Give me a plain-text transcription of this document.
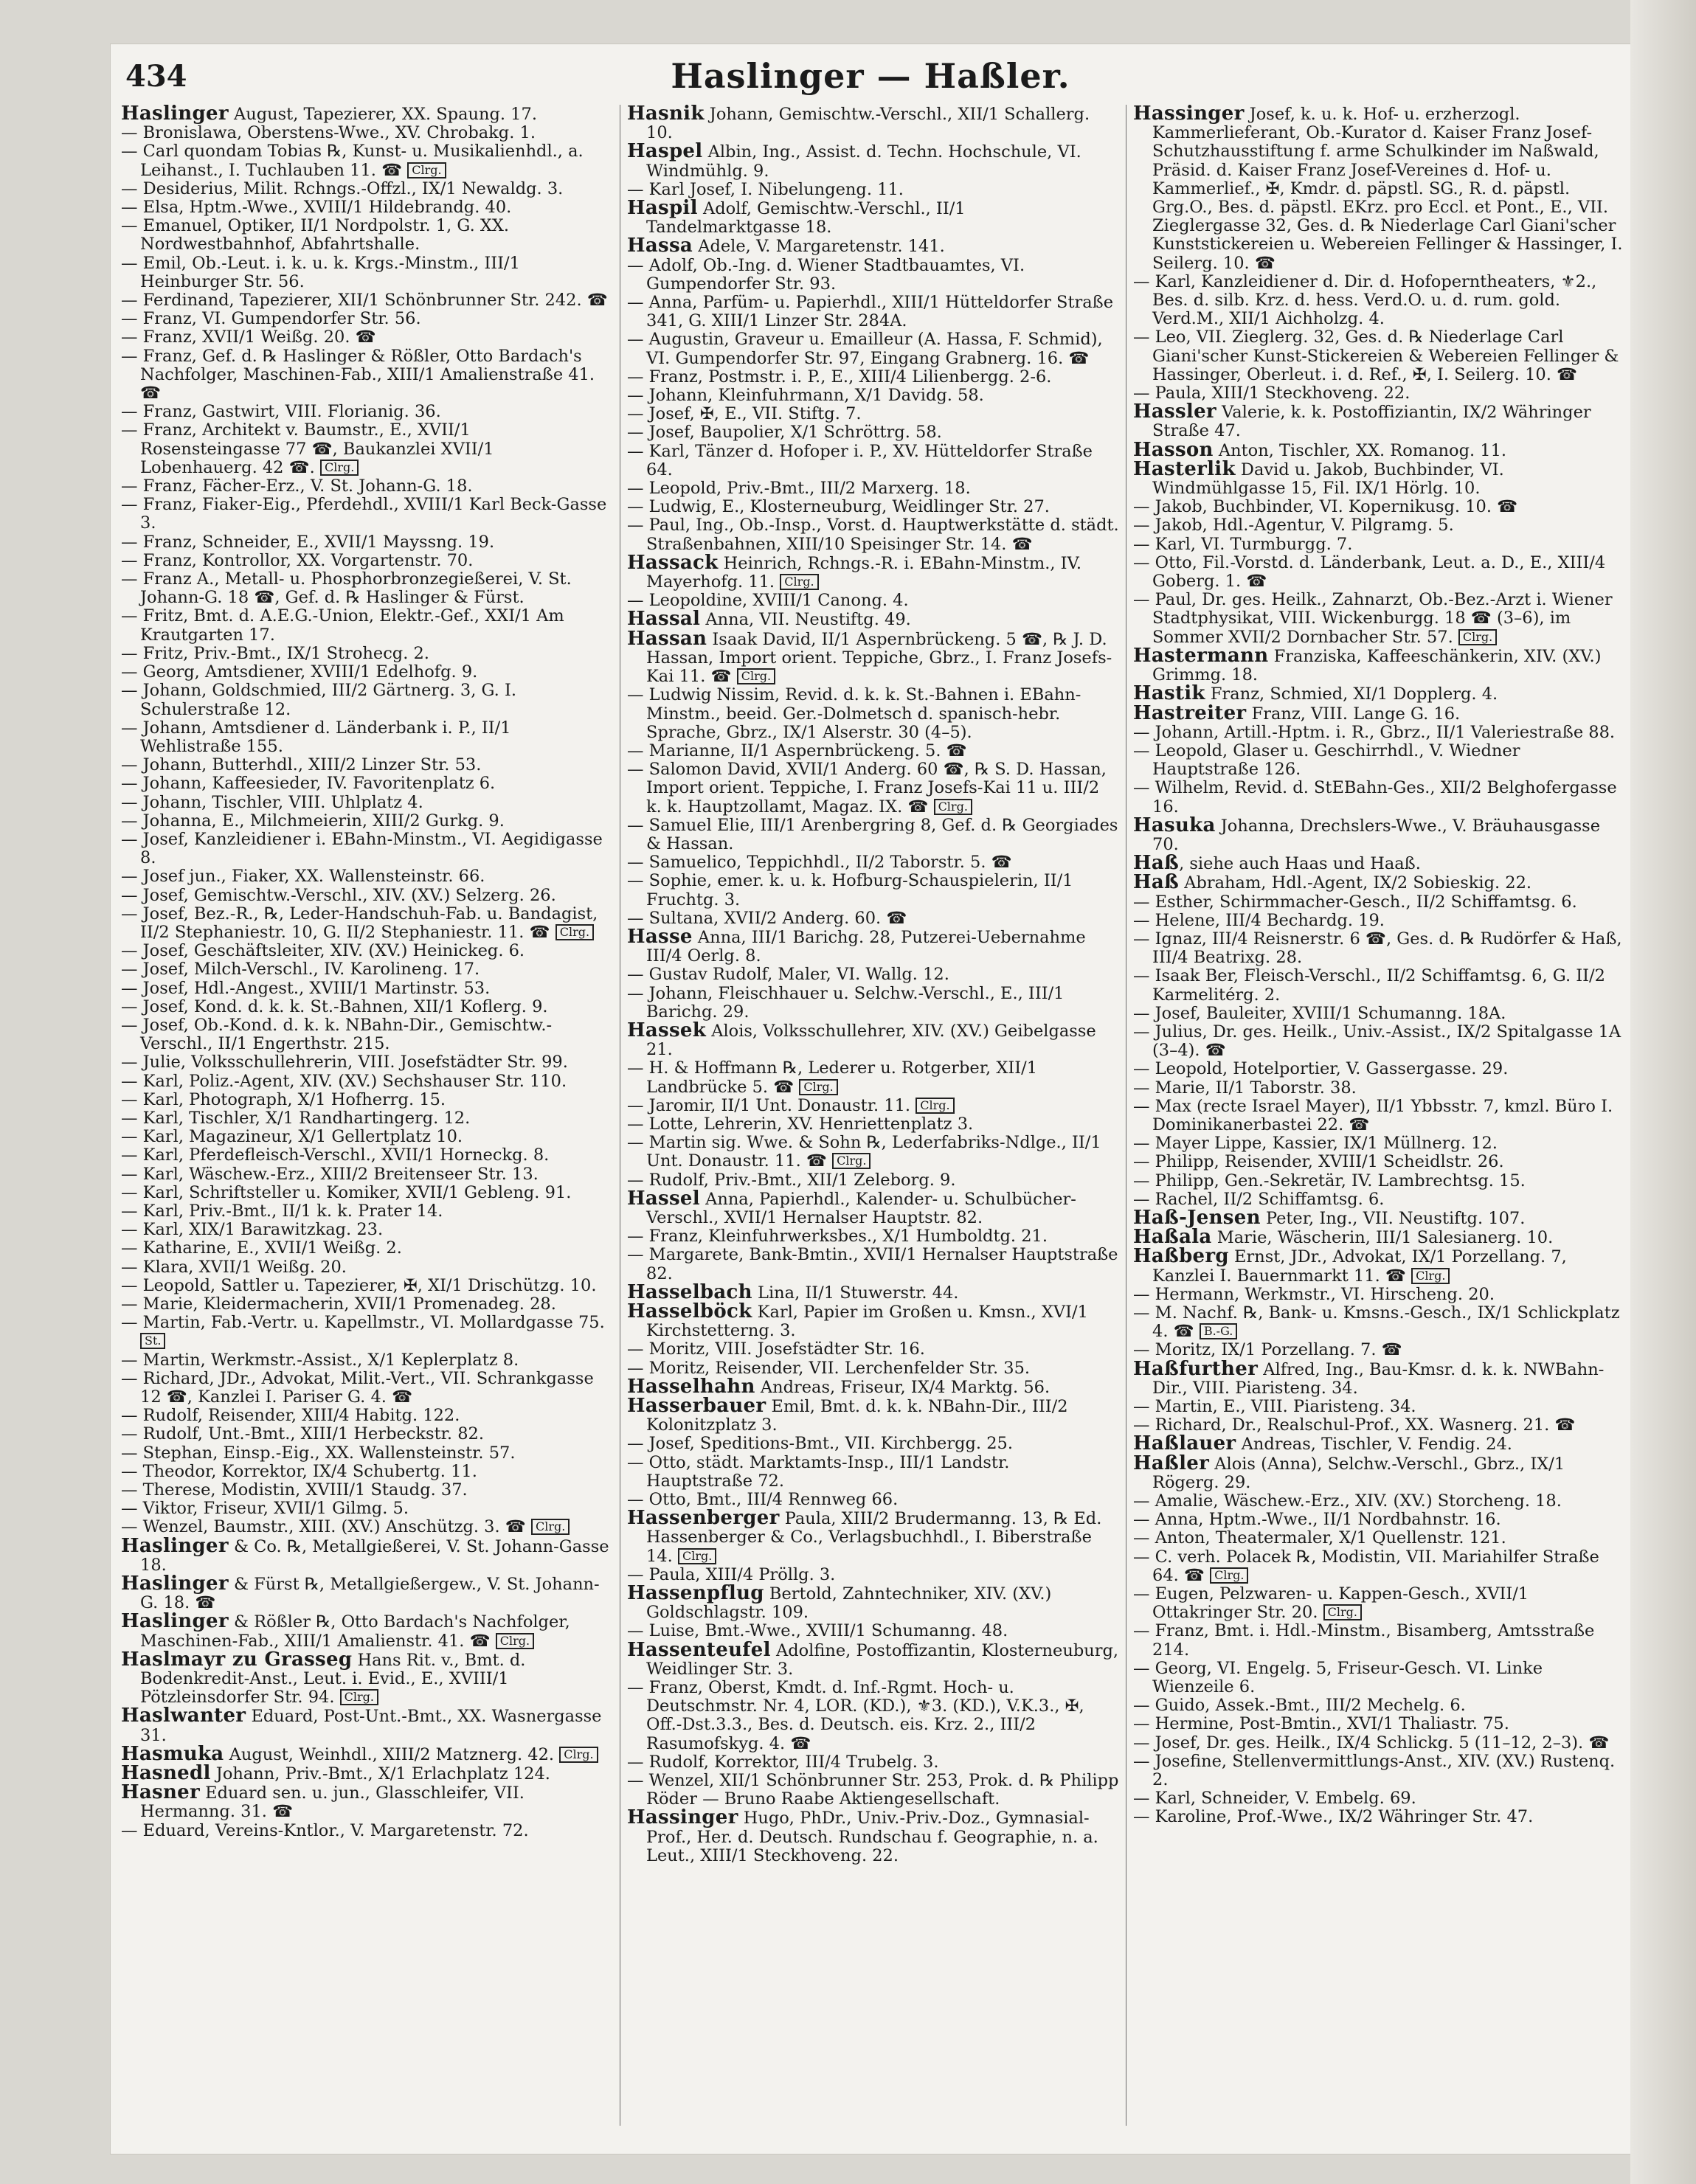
434	Haslinger — Haßler.

Haslinger August, Tapezierer, XX. Spaung. 17.

— Bronislawa, Oberstens-Wwe., XV. Chrobakg. 1.

— Carl quondam Tobias ℞, Kunst- u. Musikalienhdl., a. Leihanst., I. Tuchlauben 11. ☎ Clrg.

— Desiderius, Milit. Rchngs.-Offzl., IX/1 Newaldg. 3.

— Elsa, Hptm.-Wwe., XVIII/1 Hildebrandg. 40.

— Emanuel, Optiker, II/1 Nordpolstr. 1, G. XX. Nordwestbahnhof, Abfahrtshalle.

— Emil, Ob.-Leut. i. k. u. k. Krgs.-Minstm., III/1 Heinburger Str. 56.

— Ferdinand, Tapezierer, XII/1 Schönbrunner Str. 242. ☎

— Franz, VI. Gumpendorfer Str. 56.

— Franz, XVII/1 Weißg. 20. ☎

— Franz, Gef. d. ℞ Haslinger & Rößler, Otto Bardach's Nachfolger, Maschinen-Fab., XIII/1 Amalienstraße 41. ☎

— Franz, Gastwirt, VIII. Florianig. 36.

— Franz, Architekt v. Baumstr., E., XVII/1 Rosensteingasse 77 ☎, Baukanzlei XVII/1 Lobenhauerg. 42 ☎. Clrg.

— Franz, Fächer-Erz., V. St. Johann-G. 18.

— Franz, Fiaker-Eig., Pferdehdl., XVIII/1 Karl Beck-Gasse 3.

— Franz, Schneider, E., XVII/1 Mayssng. 19.

— Franz, Kontrollor, XX. Vorgartenstr. 70.

— Franz A., Metall- u. Phosphorbronzegießerei, V. St. Johann-G. 18 ☎, Gef. d. ℞ Haslinger & Fürst.

— Fritz, Bmt. d. A.E.G.-Union, Elektr.-Gef., XXI/1 Am Krautgarten 17.

— Fritz, Priv.-Bmt., IX/1 Strohecg. 2.

— Georg, Amtsdiener, XVIII/1 Edelhofg. 9.

— Johann, Goldschmied, III/2 Gärtnerg. 3, G. I. Schulerstraße 12.

— Johann, Amtsdiener d. Länderbank i. P., II/1 Wehlistraße 155.

— Johann, Butterhdl., XIII/2 Linzer Str. 53.

— Johann, Kaffeesieder, IV. Favoritenplatz 6.

— Johann, Tischler, VIII. Uhlplatz 4.

— Johanna, E., Milchmeierin, XIII/2 Gurkg. 9.

— Josef, Kanzleidiener i. EBahn-Minstm., VI. Aegidigasse 8.

— Josef jun., Fiaker, XX. Wallensteinstr. 66.

— Josef, Gemischtw.-Verschl., XIV. (XV.) Selzerg. 26.

— Josef, Bez.-R., ℞, Leder-Handschuh-Fab. u. Bandagist, II/2 Stephaniestr. 10, G. II/2 Stephaniestr. 11. ☎ Clrg.

— Josef, Geschäftsleiter, XIV. (XV.) Heinickeg. 6.

— Josef, Milch-Verschl., IV. Karolineng. 17.

— Josef, Hdl.-Angest., XVIII/1 Martinstr. 53.

— Josef, Kond. d. k. k. St.-Bahnen, XII/1 Koflerg. 9.

— Josef, Ob.-Kond. d. k. k. NBahn-Dir., Gemischtw.-Verschl., II/1 Engerthstr. 215.

— Julie, Volksschullehrerin, VIII. Josefstädter Str. 99.

— Karl, Poliz.-Agent, XIV. (XV.) Sechshauser Str. 110.

— Karl, Photograph, X/1 Hofherrg. 15.

— Karl, Tischler, X/1 Randhartingerg. 12.

— Karl, Magazineur, X/1 Gellertplatz 10.

— Karl, Pferdefleisch-Verschl., XVII/1 Horneckg. 8.

— Karl, Wäschew.-Erz., XIII/2 Breitenseer Str. 13.

— Karl, Schriftsteller u. Komiker, XVII/1 Gebleng. 91.

— Karl, Priv.-Bmt., II/1 k. k. Prater 14.

— Karl, XIX/1 Barawitzkag. 23.

— Katharine, E., XVII/1 Weißg. 2.

— Klara, XVII/1 Weißg. 20.

— Leopold, Sattler u. Tapezierer, ✠, XI/1 Drischützg. 10.

— Marie, Kleidermacherin, XVII/1 Promenadeg. 28.

— Martin, Fab.-Vertr. u. Kapellmstr., VI. Mollardgasse 75. St.

— Martin, Werkmstr.-Assist., X/1 Keplerplatz 8.

— Richard, JDr., Advokat, Milit.-Vert., VII. Schrankgasse 12 ☎, Kanzlei I. Pariser G. 4. ☎

— Rudolf, Reisender, XIII/4 Habitg. 122.

— Rudolf, Unt.-Bmt., XIII/1 Herbeckstr. 82.

— Stephan, Einsp.-Eig., XX. Wallensteinstr. 57.

— Theodor, Korrektor, IX/4 Schubertg. 11.

— Therese, Modistin, XVIII/1 Staudg. 37.

— Viktor, Friseur, XVII/1 Gilmg. 5.

— Wenzel, Baumstr., XIII. (XV.) Anschützg. 3. ☎ Clrg.

Haslinger & Co. ℞, Metallgießerei, V. St. Johann-Gasse 18.

Haslinger & Fürst ℞, Metallgießergew., V. St. Johann-G. 18. ☎

Haslinger & Rößler ℞, Otto Bardach's Nachfolger, Maschinen-Fab., XIII/1 Amalienstr. 41. ☎ Clrg.

Haslmayr zu Grasseg Hans Rit. v., Bmt. d. Bodenkredit-Anst., Leut. i. Evid., E., XVIII/1 Pötzleinsdorfer Str. 94. Clrg.

Haslwanter Eduard, Post-Unt.-Bmt., XX. Wasnergasse 31.

Hasmuka August, Weinhdl., XIII/2 Matznerg. 42. Clrg.

Hasnedl Johann, Priv.-Bmt., X/1 Erlachplatz 124.

Hasner Eduard sen. u. jun., Glasschleifer, VII. Hermanng. 31. ☎

— Eduard, Vereins-Kntlor., V. Margaretenstr. 72.

Hasnik Johann, Gemischtw.-Verschl., XII/1 Schallerg. 10.

Haspel Albin, Ing., Assist. d. Techn. Hochschule, VI. Windmühlg. 9.

— Karl Josef, I. Nibelungeng. 11.

Haspil Adolf, Gemischtw.-Verschl., II/1 Tandelmarktgasse 18.

Hassa Adele, V. Margaretenstr. 141.

— Adolf, Ob.-Ing. d. Wiener Stadtbauamtes, VI. Gumpendorfer Str. 93.

— Anna, Parfüm- u. Papierhdl., XIII/1 Hütteldorfer Straße 341, G. XIII/1 Linzer Str. 284A.

— Augustin, Graveur u. Emailleur (A. Hassa, F. Schmid), VI. Gumpendorfer Str. 97, Eingang Grabnerg. 16. ☎

— Franz, Postmstr. i. P., E., XIII/4 Lilienbergg. 2-6.

— Johann, Kleinfuhrmann, X/1 Davidg. 58.

— Josef, ✠, E., VII. Stiftg. 7.

— Josef, Baupolier, X/1 Schröttrg. 58.

— Karl, Tänzer d. Hofoper i. P., XV. Hütteldorfer Straße 64.

— Leopold, Priv.-Bmt., III/2 Marxerg. 18.

— Ludwig, E., Klosterneuburg, Weidlinger Str. 27.

— Paul, Ing., Ob.-Insp., Vorst. d. Hauptwerkstätte d. städt. Straßenbahnen, XIII/10 Speisinger Str. 14. ☎

Hassack Heinrich, Rchngs.-R. i. EBahn-Minstm., IV. Mayerhofg. 11. Clrg.

— Leopoldine, XVIII/1 Canong. 4.

Hassal Anna, VII. Neustiftg. 49.

Hassan Isaak David, II/1 Aspernbrückeng. 5 ☎, ℞ J. D. Hassan, Import orient. Teppiche, Gbrz., I. Franz Josefs-Kai 11. ☎ Clrg.

— Ludwig Nissim, Revid. d. k. k. St.-Bahnen i. EBahn-Minstm., beeid. Ger.-Dolmetsch d. spanisch-hebr. Sprache, Gbrz., IX/1 Alserstr. 30 (4–5).

— Marianne, II/1 Aspernbrückeng. 5. ☎

— Salomon David, XVII/1 Anderg. 60 ☎, ℞ S. D. Hassan, Import orient. Teppiche, I. Franz Josefs-Kai 11 u. III/2 k. k. Hauptzollamt, Magaz. IX. ☎ Clrg.

— Samuel Elie, III/1 Arenbergring 8, Gef. d. ℞ Georgiades & Hassan.

— Samuelico, Teppichhdl., II/2 Taborstr. 5. ☎

— Sophie, emer. k. u. k. Hofburg-Schauspielerin, II/1 Fruchtg. 3.

— Sultana, XVII/2 Anderg. 60. ☎

Hasse Anna, III/1 Barichg. 28, Putzerei-Uebernahme III/4 Oerlg. 8.

— Gustav Rudolf, Maler, VI. Wallg. 12.

— Johann, Fleischhauer u. Selchw.-Verschl., E., III/1 Barichg. 29.

Hassek Alois, Volksschullehrer, XIV. (XV.) Geibelgasse 21.

— H. & Hoffmann ℞, Lederer u. Rotgerber, XII/1 Landbrücke 5. ☎ Clrg.

— Jaromir, II/1 Unt. Donaustr. 11. Clrg.

— Lotte, Lehrerin, XV. Henriettenplatz 3.

— Martin sig. Wwe. & Sohn ℞, Lederfabriks-Ndlge., II/1 Unt. Donaustr. 11. ☎ Clrg.

— Rudolf, Priv.-Bmt., XII/1 Zeleborg. 9.

Hassel Anna, Papierhdl., Kalender- u. Schulbücher-Verschl., XVII/1 Hernalser Hauptstr. 82.

— Franz, Kleinfuhrwerksbes., X/1 Humboldtg. 21.

— Margarete, Bank-Bmtin., XVII/1 Hernalser Hauptstraße 82.

Hasselbach Lina, II/1 Stuwerstr. 44.

Hasselböck Karl, Papier im Großen u. Kmsn., XVI/1 Kirchstetterng. 3.

— Moritz, VIII. Josefstädter Str. 16.

— Moritz, Reisender, VII. Lerchenfelder Str. 35.

Hasselhahn Andreas, Friseur, IX/4 Marktg. 56.

Hasserbauer Emil, Bmt. d. k. k. NBahn-Dir., III/2 Kolonitzplatz 3.

— Josef, Speditions-Bmt., VII. Kirchbergg. 25.

— Otto, städt. Marktamts-Insp., III/1 Landstr. Hauptstraße 72.

— Otto, Bmt., III/4 Rennweg 66.

Hassenberger Paula, XIII/2 Brudermanng. 13, ℞ Ed. Hassenberger & Co., Verlagsbuchhdl., I. Biberstraße 14. Clrg.

— Paula, XIII/4 Pröllg. 3.

Hassenpflug Bertold, Zahntechniker, XIV. (XV.) Goldschlagstr. 109.

— Luise, Bmt.-Wwe., XVIII/1 Schumanng. 48.

Hassenteufel Adolfine, Postoffizantin, Klosterneuburg, Weidlinger Str. 3.

— Franz, Oberst, Kmdt. d. Inf.-Rgmt. Hoch- u. Deutschmstr. Nr. 4, LOR. (KD.), ⚜3. (KD.), V.K.3., ✠, Off.-Dst.3.3., Bes. d. Deutsch. eis. Krz. 2., III/2 Rasumofskyg. 4. ☎

— Rudolf, Korrektor, III/4 Trubelg. 3.

— Wenzel, XII/1 Schönbrunner Str. 253, Prok. d. ℞ Philipp Röder — Bruno Raabe Aktiengesellschaft.

Hassinger Hugo, PhDr., Univ.-Priv.-Doz., Gymnasial-Prof., Her. d. Deutsch. Rundschau f. Geographie, n. a. Leut., XIII/1 Steckhoveng. 22.

Hassinger Josef, k. u. k. Hof- u. erzherzogl. Kammerlieferant, Ob.-Kurator d. Kaiser Franz Josef-Schutzhausstiftung f. arme Schulkinder im Naßwald, Präsid. d. Kaiser Franz Josef-Vereines d. Hof- u. Kammerlief., ✠, Kmdr. d. päpstl. SG., R. d. päpstl. Grg.O., Bes. d. päpstl. EKrz. pro Eccl. et Pont., E., VII. Zieglergasse 32, Ges. d. ℞ Niederlage Carl Giani'scher Kunststickereien u. Webereien Fellinger & Hassinger, I. Seilerg. 10. ☎

— Karl, Kanzleidiener d. Dir. d. Hofoperntheaters, ⚜2., Bes. d. silb. Krz. d. hess. Verd.O. u. d. rum. gold. Verd.M., XII/1 Aichholzg. 4.

— Leo, VII. Zieglerg. 32, Ges. d. ℞ Niederlage Carl Giani'scher Kunst-Stickereien & Webereien Fellinger & Hassinger, Oberleut. i. d. Ref., ✠, I. Seilerg. 10. ☎

— Paula, XIII/1 Steckhoveng. 22.

Hassler Valerie, k. k. Postoffiziantin, IX/2 Währinger Straße 47.

Hasson Anton, Tischler, XX. Romanog. 11.

Hasterlik David u. Jakob, Buchbinder, VI. Windmühlgasse 15, Fil. IX/1 Hörlg. 10.

— Jakob, Buchbinder, VI. Kopernikusg. 10. ☎

— Jakob, Hdl.-Agentur, V. Pilgramg. 5.

— Karl, VI. Turmburgg. 7.

— Otto, Fil.-Vorstd. d. Länderbank, Leut. a. D., E., XIII/4 Goberg. 1. ☎

— Paul, Dr. ges. Heilk., Zahnarzt, Ob.-Bez.-Arzt i. Wiener Stadtphysikat, VIII. Wickenburgg. 18 ☎ (3–6), im Sommer XVII/2 Dornbacher Str. 57. Clrg.

Hastermann Franziska, Kaffeeschänkerin, XIV. (XV.) Grimmg. 18.

Hastik Franz, Schmied, XI/1 Dopplerg. 4.

Hastreiter Franz, VIII. Lange G. 16.

— Johann, Artill.-Hptm. i. R., Gbrz., II/1 Valeriestraße 88.

— Leopold, Glaser u. Geschirrhdl., V. Wiedner Hauptstraße 126.

— Wilhelm, Revid. d. StEBahn-Ges., XII/2 Belghofergasse 16.

Hasuka Johanna, Drechslers-Wwe., V. Bräuhausgasse 70.

Haß, siehe auch Haas und Haaß.

Haß Abraham, Hdl.-Agent, IX/2 Sobieskig. 22.

— Esther, Schirmmacher-Gesch., II/2 Schiffamtsg. 6.

— Helene, III/4 Bechardg. 19.

— Ignaz, III/4 Reisnerstr. 6 ☎, Ges. d. ℞ Rudörfer & Haß, III/4 Beatrixg. 28.

— Isaak Ber, Fleisch-Verschl., II/2 Schiffamtsg. 6, G. II/2 Karmelitérg. 2.

— Josef, Bauleiter, XVIII/1 Schumanng. 18A.

— Julius, Dr. ges. Heilk., Univ.-Assist., IX/2 Spitalgasse 1A (3–4). ☎

— Leopold, Hotelportier, V. Gassergasse. 29.

— Marie, II/1 Taborstr. 38.

— Max (recte Israel Mayer), II/1 Ybbsstr. 7, kmzl. Büro I. Dominikanerbastei 22. ☎

— Mayer Lippe, Kassier, IX/1 Müllnerg. 12.

— Philipp, Reisender, XVIII/1 Scheidlstr. 26.

— Philipp, Gen.-Sekretär, IV. Lambrechtsg. 15.

— Rachel, II/2 Schiffamtsg. 6.

Haß-Jensen Peter, Ing., VII. Neustiftg. 107.

Haßala Marie, Wäscherin, III/1 Salesianerg. 10.

Haßberg Ernst, JDr., Advokat, IX/1 Porzellang. 7, Kanzlei I. Bauernmarkt 11. ☎ Clrg.

— Hermann, Werkmstr., VI. Hirscheng. 20.

— M. Nachf. ℞, Bank- u. Kmsns.-Gesch., IX/1 Schlickplatz 4. ☎ B.-G.

— Moritz, IX/1 Porzellang. 7. ☎

Haßfurther Alfred, Ing., Bau-Kmsr. d. k. k. NWBahn-Dir., VIII. Piaristeng. 34.

— Martin, E., VIII. Piaristeng. 34.

— Richard, Dr., Realschul-Prof., XX. Wasnerg. 21. ☎

Haßlauer Andreas, Tischler, V. Fendig. 24.

Haßler Alois (Anna), Selchw.-Verschl., Gbrz., IX/1 Rögerg. 29.

— Amalie, Wäschew.-Erz., XIV. (XV.) Storcheng. 18.

— Anna, Hptm.-Wwe., II/1 Nordbahnstr. 16.

— Anton, Theatermaler, X/1 Quellenstr. 121.

— C. verh. Polacek ℞, Modistin, VII. Mariahilfer Straße 64. ☎ Clrg.

— Eugen, Pelzwaren- u. Kappen-Gesch., XVII/1 Ottakringer Str. 20. Clrg.

— Franz, Bmt. i. Hdl.-Minstm., Bisamberg, Amtsstraße 214.

— Georg, VI. Engelg. 5, Friseur-Gesch. VI. Linke Wienzeile 6.

— Guido, Assek.-Bmt., III/2 Mechelg. 6.

— Hermine, Post-Bmtin., XVI/1 Thaliastr. 75.

— Josef, Dr. ges. Heilk., IX/4 Schlickg. 5 (11–12, 2–3). ☎

— Josefine, Stellenvermittlungs-Anst., XIV. (XV.) Rustenq. 2.

— Karl, Schneider, V. Embelg. 69.

— Karoline, Prof.-Wwe., IX/2 Währinger Str. 47.
